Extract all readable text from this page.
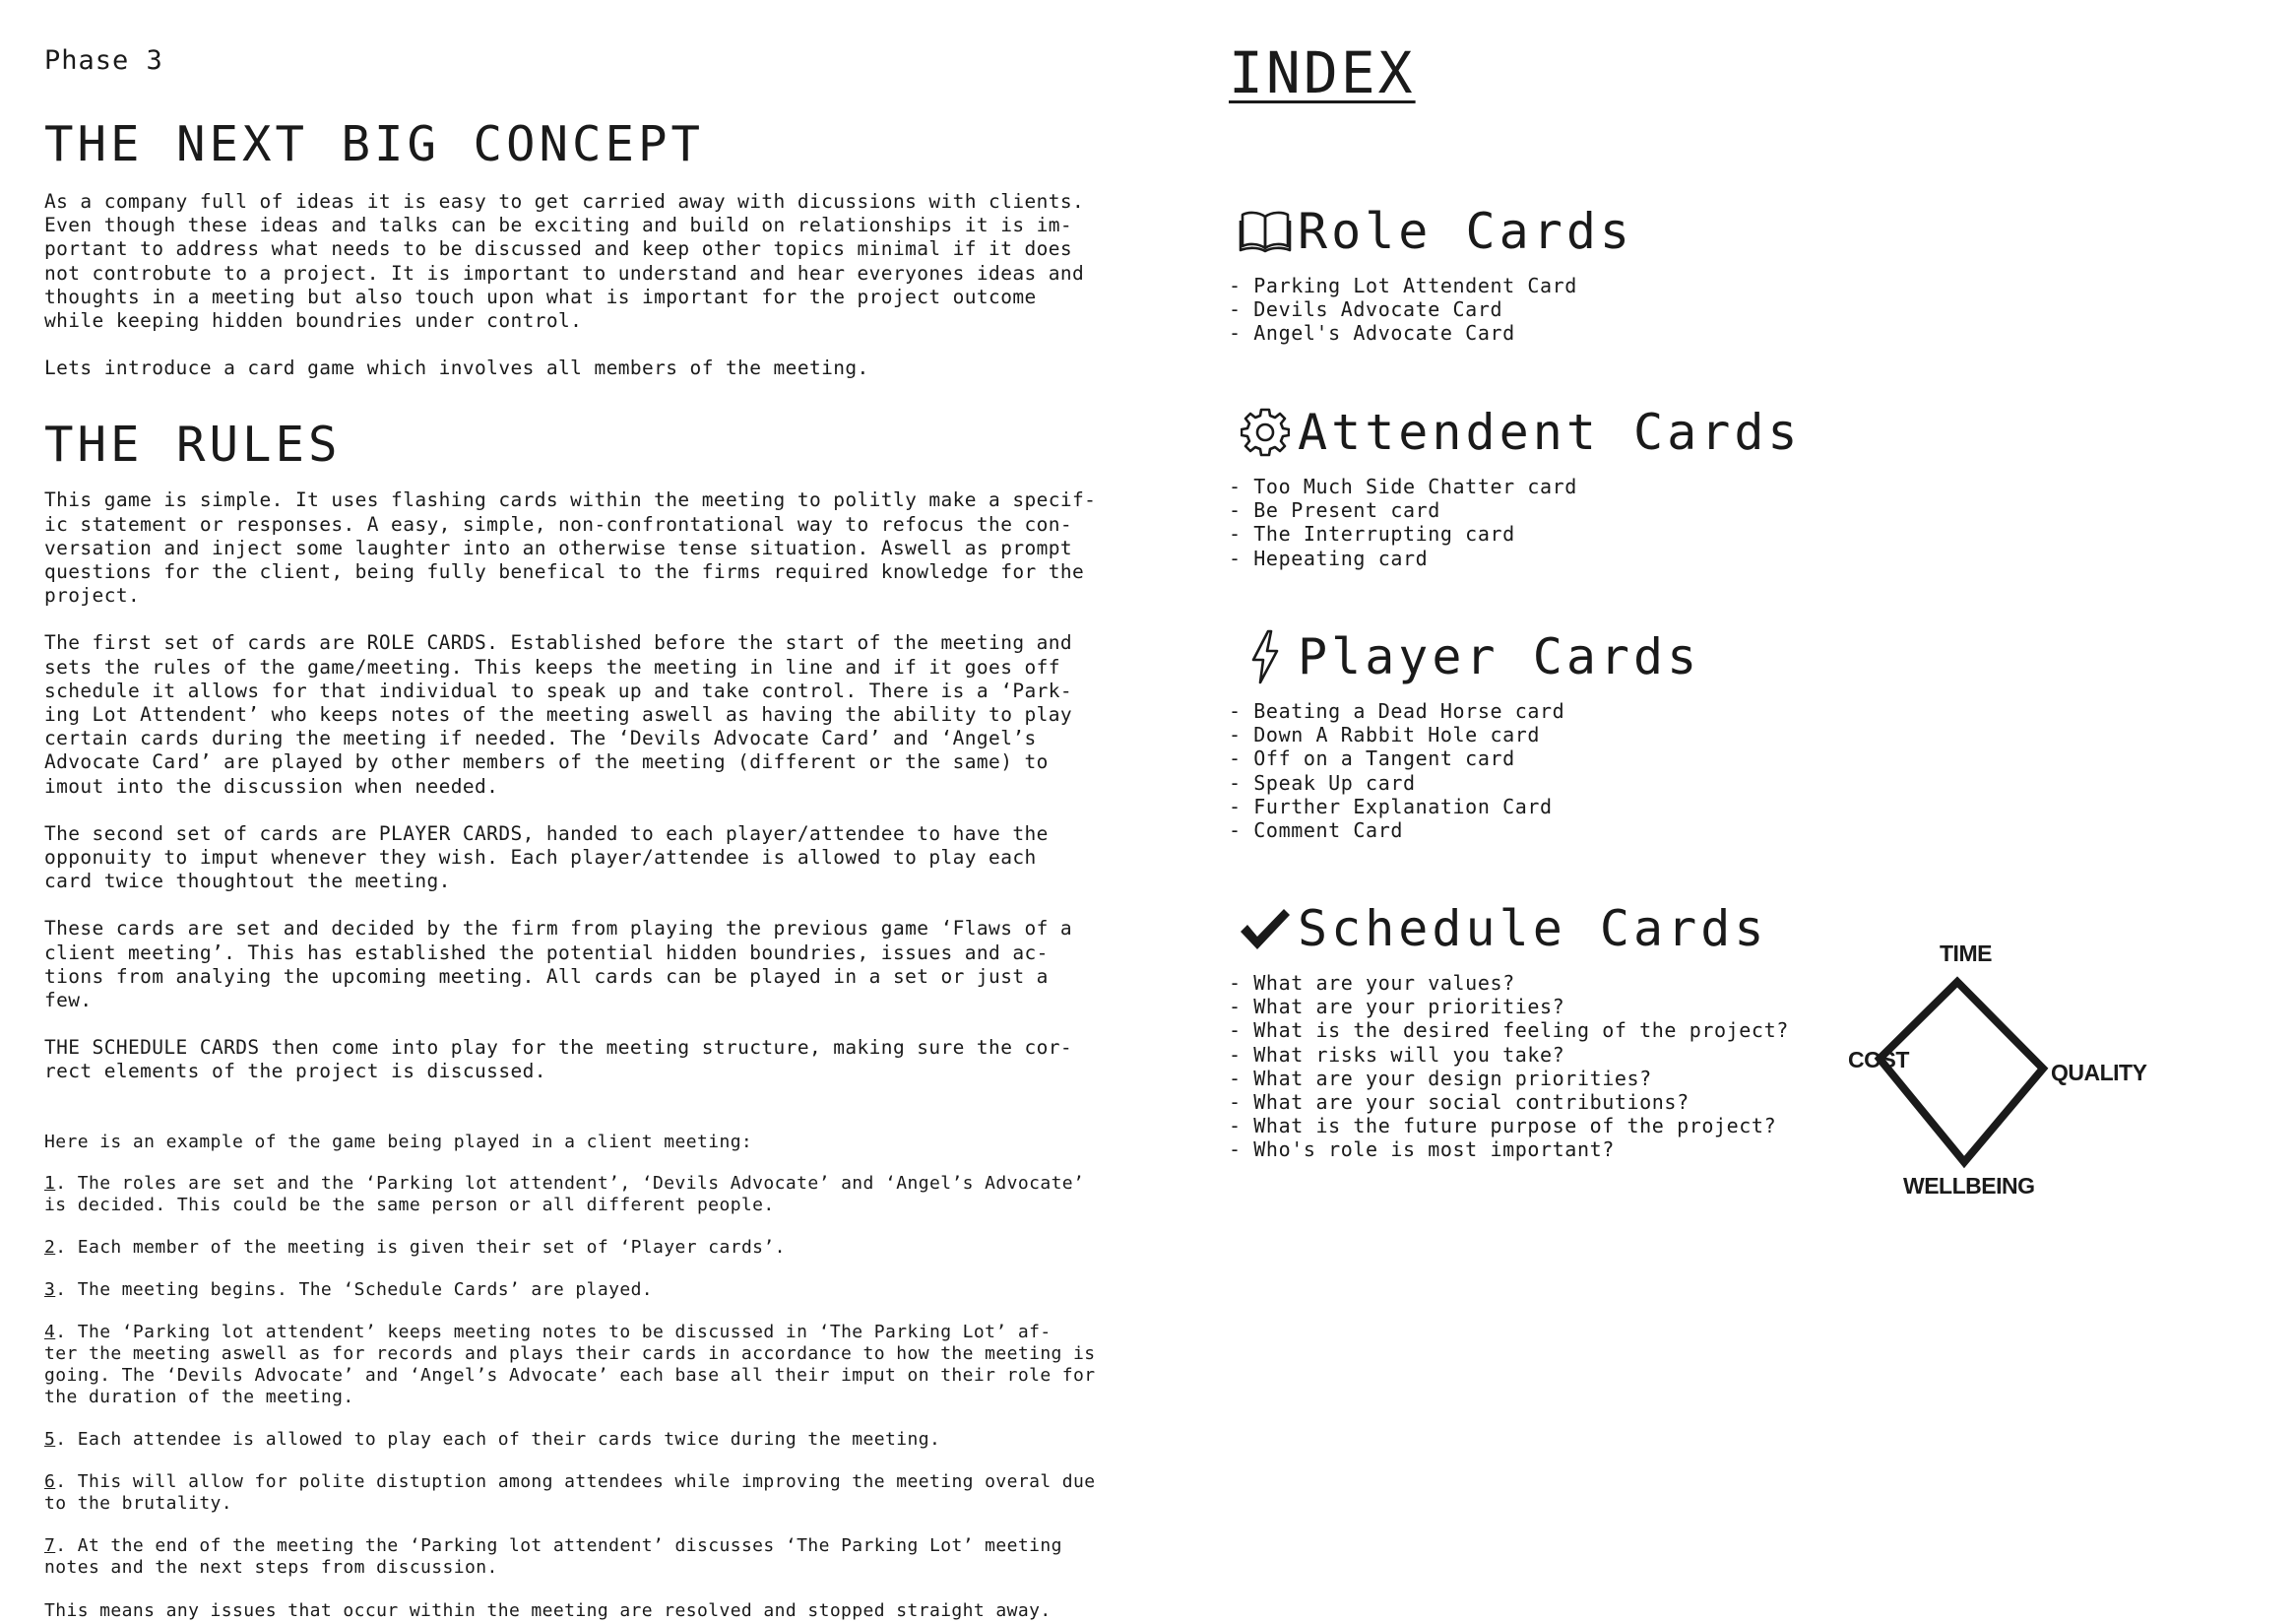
Phase 3
THE NEXT BIG CONCEPT

As a company full of ideas it is easy to get carried away with dicussions with clients.
Even though these ideas and talks can be exciting and build on relationships it is im-
portant to address what needs to be discussed and keep other topics minimal if it does
not controbute to a project. It is important to understand and hear everyones ideas and
thoughts in a meeting but also touch upon what is important for the project outcome
while keeping hidden boundries under control.

Lets introduce a card game which involves all members of the meeting.

THE RULES

This game is simple. It uses flashing cards within the meeting to politly make a specif-
ic statement or responses. A easy, simple, non-confrontational way to refocus the con-
versation and inject some laughter into an otherwise tense situation. Aswell as prompt
questions for the client, being fully benefical to the firms required knowledge for the
project.

The first set of cards are ROLE CARDS. Established before the start of the meeting and
sets the rules of the game/meeting. This keeps the meeting in line and if it goes off
schedule it allows for that individual to speak up and take control. There is a ‘Park-
ing Lot Attendent’ who keeps notes of the meeting aswell as having the ability to play
certain cards during the meeting if needed. The ‘Devils Advocate Card’ and ‘Angel’s
Advocate Card’ are played by other members of the meeting (different or the same) to
imout into the discussion when needed.

The second set of cards are PLAYER CARDS, handed to each player/attendee to have the
opponuity to imput whenever they wish. Each player/attendee is allowed to play each
card twice thoughtout the meeting.

These cards are set and decided by the firm from playing the previous game ‘Flaws of a
client meeting’. This has established the potential hidden boundries, issues and ac-
tions from analying the upcoming meeting. All cards can be played in a set or just a
few.

THE SCHEDULE CARDS then come into play for the meeting structure, making sure the cor-
rect elements of the project is discussed.

Here is an example of the game being played in a client meeting:

1. The roles are set and the ‘Parking lot attendent’, ‘Devils Advocate’ and ‘Angel’s Advocate’
is decided. This could be the same person or all different people.

2. Each member of the meeting is given their set of ‘Player cards’.

3. The meeting begins. The ‘Schedule Cards’ are played.

4. The ‘Parking lot attendent’ keeps meeting notes to be discussed in ‘The Parking Lot’ af-
ter the meeting aswell as for records and plays their cards in accordance to how the meeting is
going. The ‘Devils Advocate’ and ‘Angel’s Advocate’ each base all their imput on their role for
the duration of the meeting.

5. Each attendee is allowed to play each of their cards twice during the meeting.

6. This will allow for polite distuption among attendees while improving the meeting overal due
to the brutality.

7. At the end of the meeting the ‘Parking lot attendent’ discusses ‘The Parking Lot’ meeting
notes and the next steps from discussion.

This means any issues that occur within the meeting are resolved and stopped straight away.

INDEX
Role Cards
- Parking Lot Attendent Card
- Devils Advocate Card
- Angel's Advocate Card
Attendent Cards
- Too Much Side Chatter card
- Be Present card
- The Interrupting card
- Hepeating card
Player Cards
- Beating a Dead Horse card
- Down A Rabbit Hole card
- Off on a Tangent card
- Speak Up card
- Further Explanation Card
- Comment Card
Schedule Cards
- What are your values?
- What are your priorities?
- What is the desired feeling of the project?
- What risks will you take?
- What are your design priorities?
- What are your social contributions?
- What is the future purpose of the project?
- Who's role is most important?
TIME
COST	QUALITY
WELLBEING
